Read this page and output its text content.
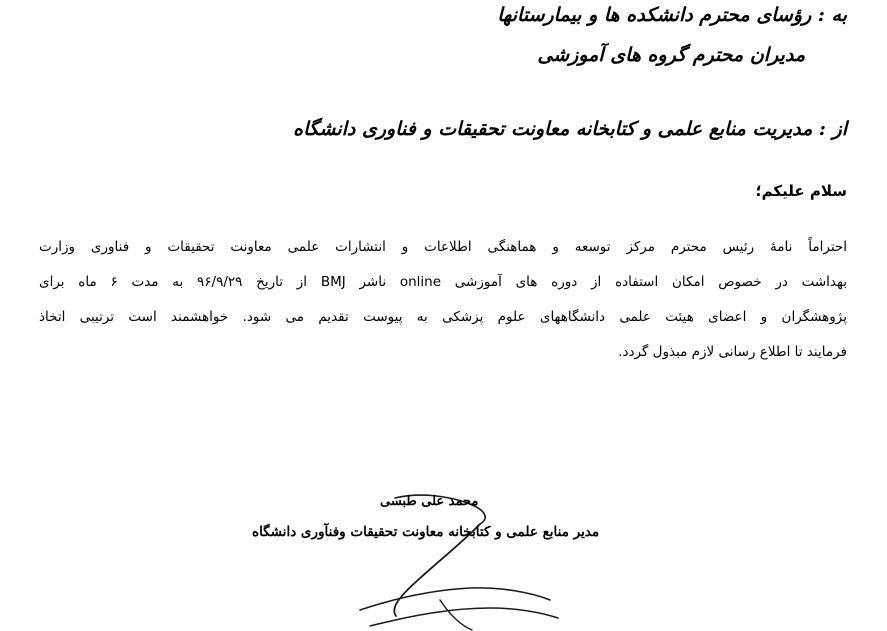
به : رؤسای محترم دانشکده ها و بیمارستانها
مدیران محترم گروه های آموزشی
از : مدیریت منابع علمی و کتابخانه معاونت تحقیقات و فناوری دانشگاه
سلام علیکم؛
احتراماً نامۀ رئیس محترم مرکز توسعه و هماهنگی اطلاعات و انتشارات علمی معاونت تحقیقات و فناوری وزارت
بهداشت در خصوص امکان استفاده از دوره های آموزشی online ناشر BMJ از تاریخ ۹۶/۹/۲۹ به مدت ۶ ماه برای
پژوهشگران و اعضای هیئت علمی دانشگاههای علوم پزشکی به پیوست تقدیم می شود. خواهشمند است ترتیبی اتخاذ
فرمایند تا اطلاع رسانی لازم مبذول گردد.
محمد علی طبسی
مدیر منابع علمی و کتابخانه معاونت تحقیقات وفنآوری دانشگاه
